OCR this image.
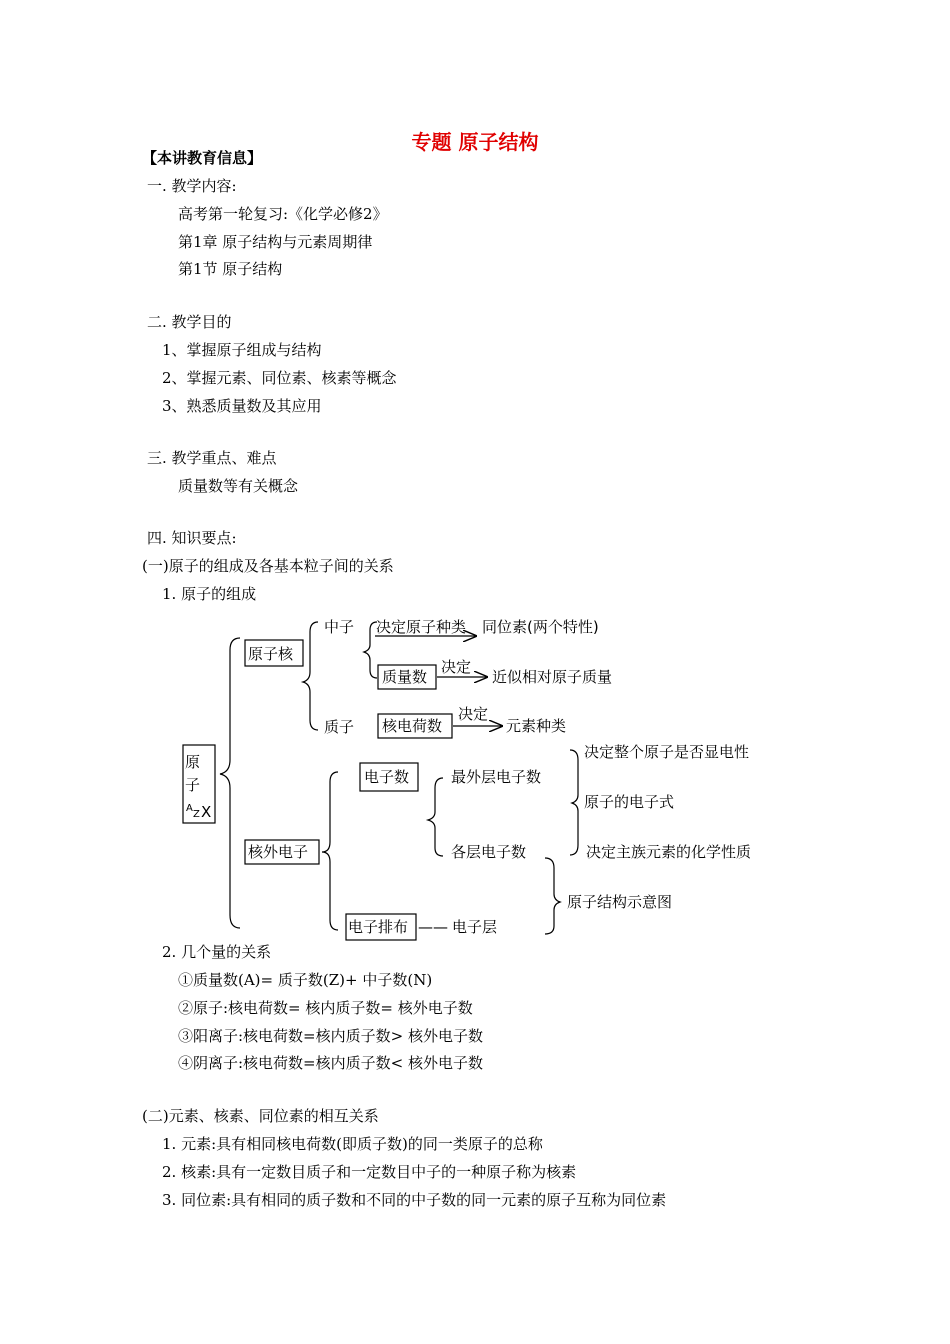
专题 原子结构
【本讲教育信息】
一. 教学内容:
高考第一轮复习:《化学必修2》
第1章 原子结构与元素周期律
第1节 原子结构
二. 教学目的
1、掌握原子组成与结构
2、掌握元素、同位素、核素等概念
3、熟悉质量数及其应用
三. 教学重点、难点
质量数等有关概念
四. 知识要点:
(一)原子的组成及各基本粒子间的关系
1. 原子的组成
原
子
A
Z X
原子核
中子
质子
决定原子种类 同位素(两个特性)
质量数
决定
近似相对原子质量
核电荷数
决定
元素种类
核外电子
电子数	最外层电子数
各层电子数
决定整个原子是否显电性
原子的电子式
决定主族元素的化学性质
电子排布 —— 电子层
原子结构示意图
2. 几个量的关系
①质量数(A)= 质子数(Z)+ 中子数(N)
②原子:核电荷数= 核内质子数= 核外电子数
③阳离子:核电荷数=核内质子数> 核外电子数
④阴离子:核电荷数=核内质子数< 核外电子数
(二)元素、核素、同位素的相互关系
1. 元素:具有相同核电荷数(即质子数)的同一类原子的总称
2. 核素:具有一定数目质子和一定数目中子的一种原子称为核素
3. 同位素:具有相同的质子数和不同的中子数的同一元素的原子互称为同位素
